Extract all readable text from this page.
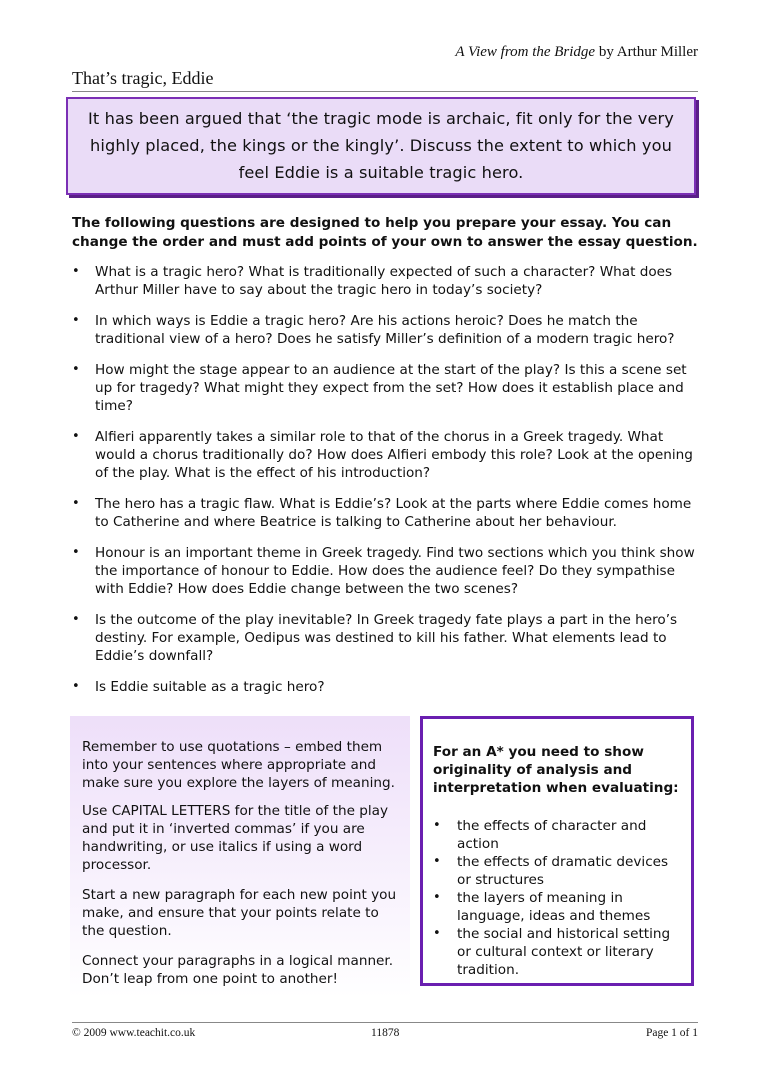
A View from the Bridge by Arthur Miller
That’s tragic, Eddie
It has been argued that ‘the tragic mode is archaic, fit only for the very highly placed, the kings or the kingly’. Discuss the extent to which you feel Eddie is a suitable tragic hero.
The following questions are designed to help you prepare your essay. You can change the order and must add points of your own to answer the essay question.
• What is a tragic hero? What is traditionally expected of such a character? What does Arthur Miller have to say about the tragic hero in today’s society?
• In which ways is Eddie a tragic hero? Are his actions heroic? Does he match the traditional view of a hero? Does he satisfy Miller’s definition of a modern tragic hero?
• How might the stage appear to an audience at the start of the play? Is this a scene set up for tragedy? What might they expect from the set? How does it establish place and time?
• Alfieri apparently takes a similar role to that of the chorus in a Greek tragedy. What would a chorus traditionally do? How does Alfieri embody this role? Look at the opening of the play. What is the effect of his introduction?
• The hero has a tragic flaw. What is Eddie’s? Look at the parts where Eddie comes home to Catherine and where Beatrice is talking to Catherine about her behaviour.
• Honour is an important theme in Greek tragedy. Find two sections which you think show the importance of honour to Eddie. How does the audience feel? Do they sympathise with Eddie? How does Eddie change between the two scenes?
• Is the outcome of the play inevitable? In Greek tragedy fate plays a part in the hero’s destiny. For example, Oedipus was destined to kill his father. What elements lead to Eddie’s downfall?
• Is Eddie suitable as a tragic hero?

Remember to use quotations – embed them into your sentences where appropriate and make sure you explore the layers of meaning.

Use CAPITAL LETTERS for the title of the play and put it in ‘inverted commas’ if you are handwriting, or use italics if using a word processor.

Start a new paragraph for each new point you make, and ensure that your points relate to the question.

Connect your paragraphs in a logical manner. Don’t leap from one point to another!

For an A* you need to show originality of analysis and interpretation when evaluating:
• the effects of character and action
• the effects of dramatic devices or structures
• the layers of meaning in language, ideas and themes
• the social and historical setting or cultural context or literary tradition.
© 2009 www.teachit.co.uk	11878	Page 1 of 1
